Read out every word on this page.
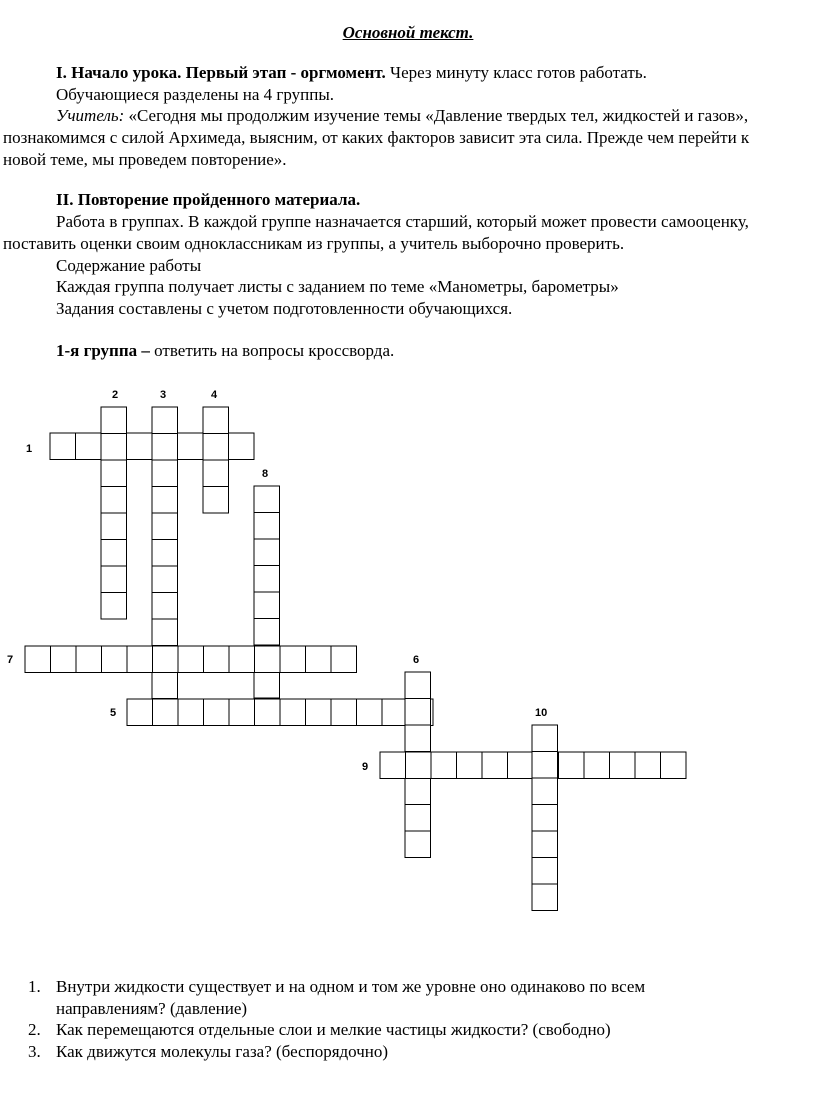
Основной текст.
I. Начало урока. Первый этап - оргмомент. Через минуту класс готов работать.
Обучающиеся разделены на 4 группы.
Учитель: «Сегодня мы продолжим изучение темы «Давление твердых тел, жидкостей и газов»,
познакомимся с силой Архимеда, выясним, от каких факторов зависит эта сила. Прежде чем перейти к
новой теме, мы проведем повторение».
II. Повторение пройденного материала.
Работа в группах. В каждой группе назначается старший, который может провести самооценку,
поставить оценки своим одноклассникам из группы, а учитель выборочно проверить.
Содержание работы
Каждая группа получает листы с заданием по теме «Манометры, барометры»
Задания составлены с учетом подготовленности обучающихся.
1-я группа – ответить на вопросы кроссворда.
2	3	4
1
8
7	6
5	10
9
1. Внутри жидкости существует и на одном и том же уровне оно одинаково по всем
направлениям? (давление)
2. Как перемещаются отдельные слои и мелкие частицы жидкости? (свободно)
3. Как движутся молекулы газа? (беспорядочно)
